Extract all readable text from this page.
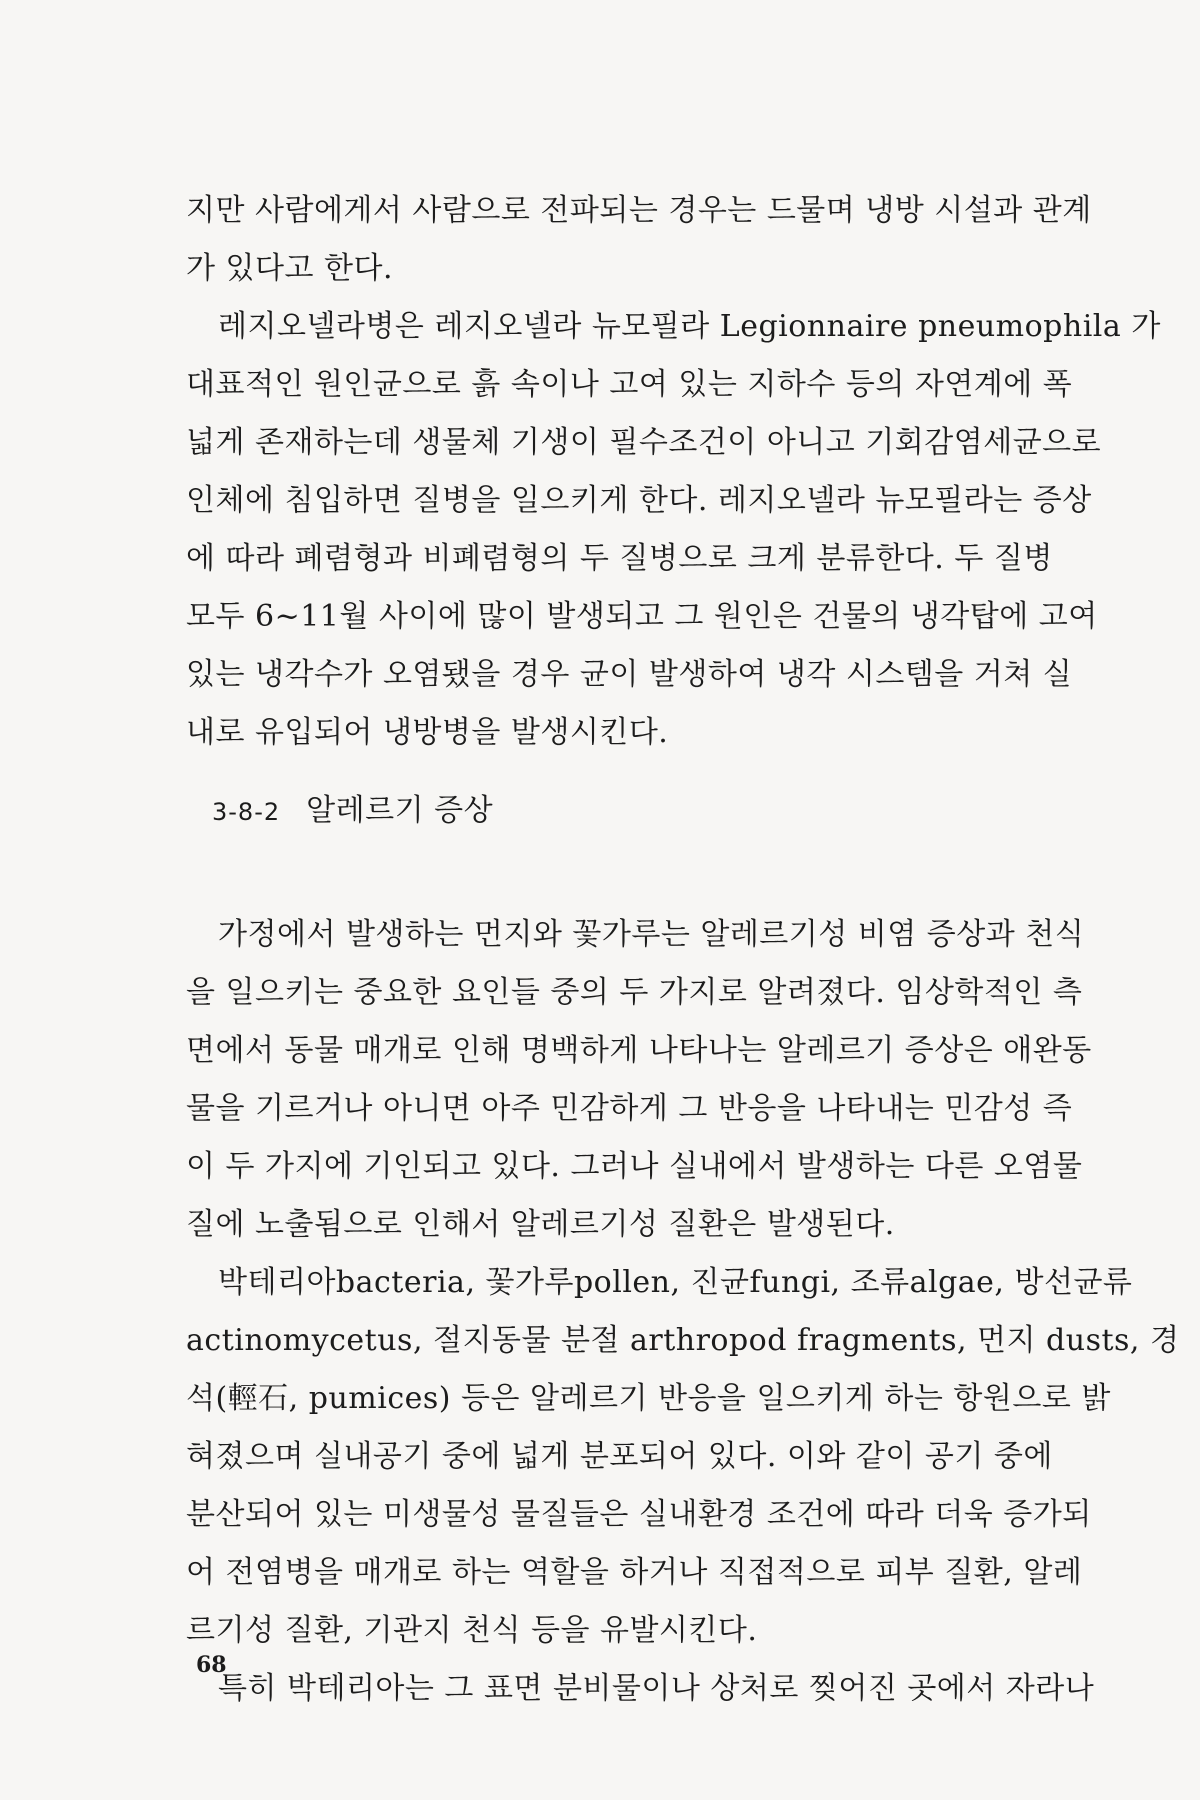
지만 사람에게서 사람으로 전파되는 경우는 드물며 냉방 시설과 관계
가 있다고 한다.
레지오넬라병은 레지오넬라 뉴모필라 Legionnaire pneumophila 가
대표적인 원인균으로 흙 속이나 고여 있는 지하수 등의 자연계에 폭
넓게 존재하는데 생물체 기생이 필수조건이 아니고 기회감염세균으로
인체에 침입하면 질병을 일으키게 한다. 레지오넬라 뉴모필라는 증상
에 따라 폐렴형과 비폐렴형의 두 질병으로 크게 분류한다. 두 질병
모두 6~11월 사이에 많이 발생되고 그 원인은 건물의 냉각탑에 고여
있는 냉각수가 오염됐을 경우 균이 발생하여 냉각 시스템을 거쳐 실
내로 유입되어 냉방병을 발생시킨다.
3-8-2 알레르기 증상
가정에서 발생하는 먼지와 꽃가루는 알레르기성 비염 증상과 천식
을 일으키는 중요한 요인들 중의 두 가지로 알려졌다. 임상학적인 측
면에서 동물 매개로 인해 명백하게 나타나는 알레르기 증상은 애완동
물을 기르거나 아니면 아주 민감하게 그 반응을 나타내는 민감성 즉
이 두 가지에 기인되고 있다. 그러나 실내에서 발생하는 다른 오염물
질에 노출됨으로 인해서 알레르기성 질환은 발생된다.
박테리아bacteria, 꽃가루pollen, 진균fungi, 조류algae, 방선균류
actinomycetus, 절지동물 분절 arthropod fragments, 먼지 dusts, 경
석(輕石, pumices) 등은 알레르기 반응을 일으키게 하는 항원으로 밝
혀졌으며 실내공기 중에 넓게 분포되어 있다. 이와 같이 공기 중에
분산되어 있는 미생물성 물질들은 실내환경 조건에 따라 더욱 증가되
어 전염병을 매개로 하는 역할을 하거나 직접적으로 피부 질환, 알레
르기성 질환, 기관지 천식 등을 유발시킨다.
특히 박테리아는 그 표면 분비물이나 상처로 찢어진 곳에서 자라나
68
